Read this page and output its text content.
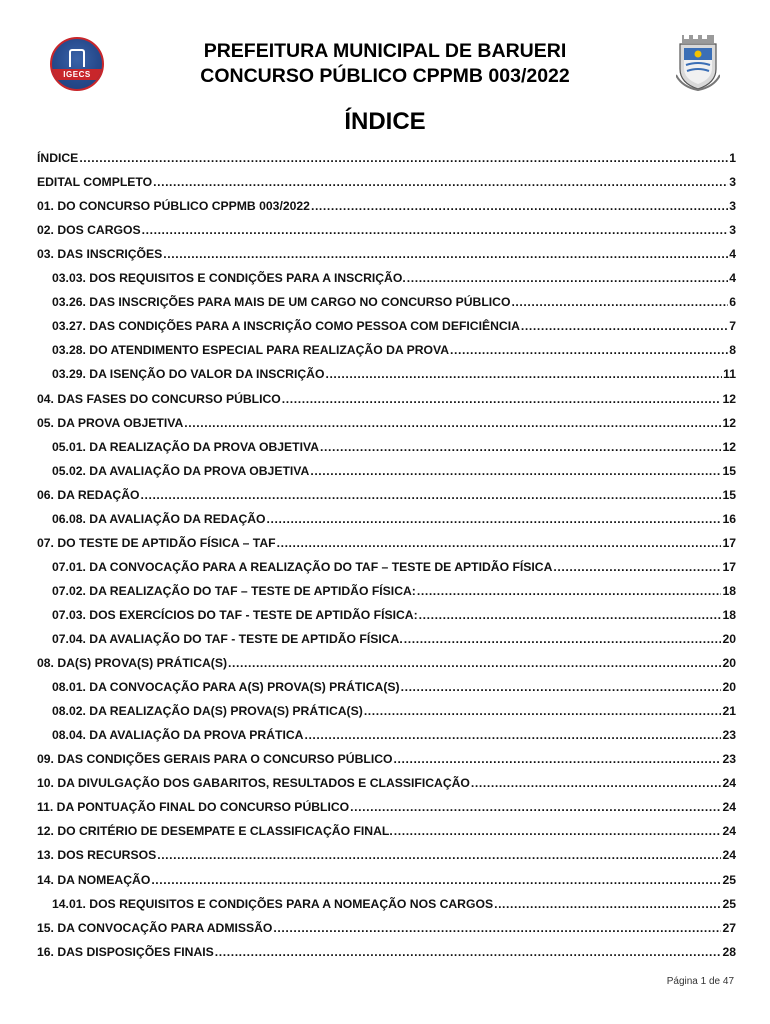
IGECS
PREFEITURA MUNICIPAL DE BARUERI
CONCURSO PÚBLICO CPPMB 003/2022
ÍNDICE
ÍNDICE .....	1
EDITAL COMPLETO .....	3
01. DO CONCURSO PÚBLICO CPPMB 003/2022 .....	3
02. DOS CARGOS .....	3
03. DAS INSCRIÇÕES .....	4
03.03. DOS REQUISITOS E CONDIÇÕES PARA A INSCRIÇÃO. .....	4
03.26. DAS INSCRIÇÕES PARA MAIS DE UM CARGO NO CONCURSO PÚBLICO .....	6
03.27. DAS CONDIÇÕES PARA A INSCRIÇÃO COMO PESSOA COM DEFICIÊNCIA .....	7
03.28. DO ATENDIMENTO ESPECIAL PARA REALIZAÇÃO DA PROVA .....	8
03.29. DA ISENÇÃO DO VALOR DA INSCRIÇÃO .....	11
04. DAS FASES DO CONCURSO PÚBLICO .....	12
05. DA PROVA OBJETIVA .....	12
05.01. DA REALIZAÇÃO DA PROVA OBJETIVA .....	12
05.02. DA AVALIAÇÃO DA PROVA OBJETIVA .....	15
06. DA REDAÇÃO .....	15
06.08. DA AVALIAÇÃO DA REDAÇÃO .....	16
07. DO TESTE DE APTIDÃO FÍSICA – TAF .....	17
07.01. DA CONVOCAÇÃO PARA A REALIZAÇÃO DO TAF – TESTE DE APTIDÃO FÍSICA .....	17
07.02. DA REALIZAÇÃO DO TAF – TESTE DE APTIDÃO FÍSICA: .....	18
07.03. DOS EXERCÍCIOS DO TAF - TESTE DE APTIDÃO FÍSICA: .....	18
07.04. DA AVALIAÇÃO DO TAF - TESTE DE APTIDÃO FÍSICA. .....	20
08. DA(S) PROVA(S) PRÁTICA(S) .....	20
08.01. DA CONVOCAÇÃO PARA A(S) PROVA(S) PRÁTICA(S) .....	20
08.02. DA REALIZAÇÃO DA(S) PROVA(S) PRÁTICA(S) .....	21
08.04. DA AVALIAÇÃO DA PROVA PRÁTICA .....	23
09. DAS CONDIÇÕES GERAIS PARA O CONCURSO PÚBLICO .....	23
10. DA DIVULGAÇÃO DOS GABARITOS, RESULTADOS E CLASSIFICAÇÃO .....	24
11. DA PONTUAÇÃO FINAL DO CONCURSO PÚBLICO .....	24
12. DO CRITÉRIO DE DESEMPATE E CLASSIFICAÇÃO FINAL. .....	24
13. DOS RECURSOS .....	24
14. DA NOMEAÇÃO .....	25
14.01. DOS REQUISITOS E CONDIÇÕES PARA A NOMEAÇÃO NOS CARGOS .....	25
15. DA CONVOCAÇÃO PARA ADMISSÃO .....	27
16. DAS DISPOSIÇÕES FINAIS .....	28
Página 1 de 47
